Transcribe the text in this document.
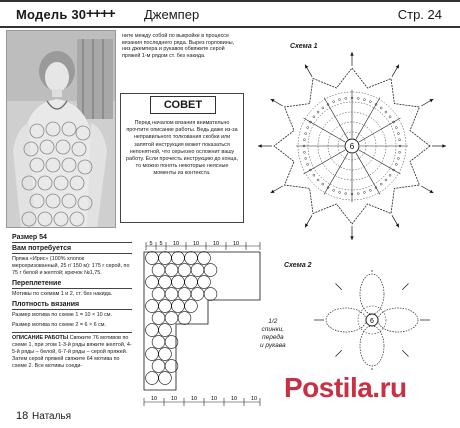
Модель 30 ++++ Джемпер	Стр. 24
Размер 54
Вам потребуется

Пряжа «Ирис» (100% хлопок мерсеризованный, 25 г/ 150 м): 175 г серой, по 75 г белой и желтой; крючок №1,75.

Переплетение

Мотивы по схемам 1 и 2, ст. без накида.

Плотность вязания

Размер мотива по схеме 1 = 10 × 10 см.

Размер мотива по схеме 2 = 6 × 6 см.

ОПИСАНИЕ РАБОТЫ Свяжите 76 мотивов по схеме 1, при этом 1-3-й ряды вяжите желтой, 4-5-й ряды – белой, 6-7-й ряды – серой пряжей. Затем серой пряжей свяжите 64 мотива по схеме 2. Все мотивы соеди-

ните между собой по выкройке в процессе вязания последнего ряда. Вырез горловины, низ джемпера и рукавов обвяжите серой пряжей 1-м рядом ст. без накида.
СОВЕТ
Перед началом вязания внимательно прочтите описание работы. Ведь даже из-за неправильного толкования скобки или запятой инструкция может показаться непонятной, что серьезно осложнит вашу работу. Если прочесть инструкцию до конца, то можно понять некоторые неясные моменты из контекста.
Схема 1
6
1/2
спинки,
переда
и рукава
5 5 10	10	10	10
10	10	10	10	10	10
Схема 2
6
Postila.ru
18 Наталья
